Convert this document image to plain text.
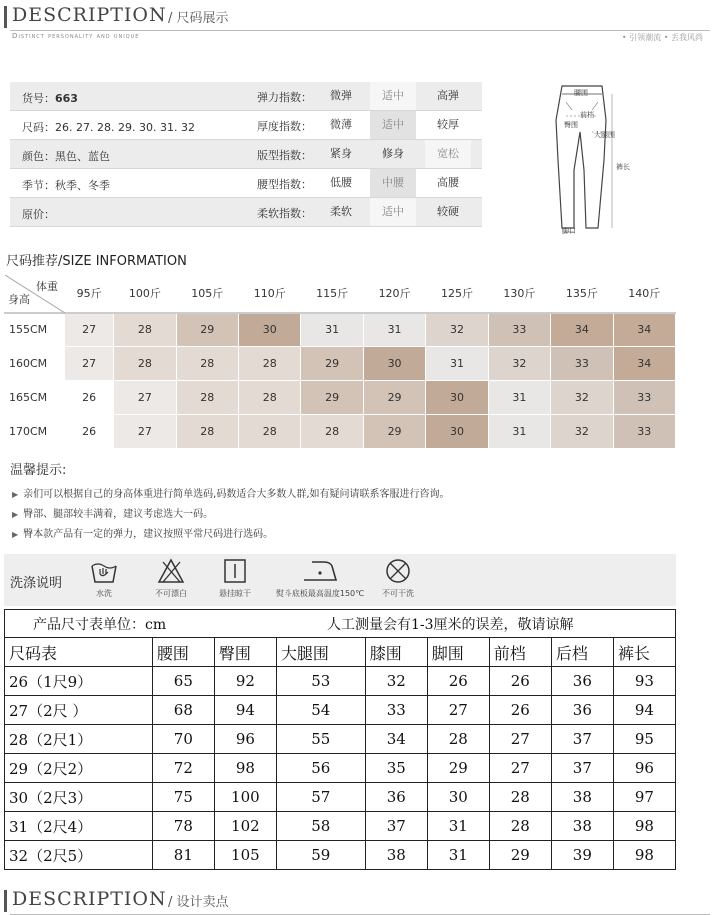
DESCRIPTION / 尺码展示
Distinct personality and unique	• 引领潮流 • 丢我风尚
货号：663	弹力指数：	微弹	适中	高弹
尺码：26. 27. 28. 29. 30. 31. 32	厚度指数：	微薄	适中	较厚
颜色：黑色、蓝色	版型指数：	紧身	修身	宽松
季节：秋季、冬季	腰型指数：	低腰	中腰	高腰
原价：	柔软指数：	柔软	适中	较硬
腰围
前档
臀围
大腿围
裤长
脚口
尺码推荐/SIZE INFORMATION
体重
身高	95斤	100斤	105斤	110斤	115斤	120斤	125斤	130斤	135斤	140斤
155CM	27	28	29	30	31	31	32	33	34	34
160CM	27	28	28	28	29	30	31	32	33	34
165CM	26	27	28	28	29	29	30	31	32	33
170CM	26	27	28	28	28	29	30	31	32	33
温馨提示:
▶ 亲们可以根据自己的身高体重进行简单选码,码数适合大多数人群,如有疑问请联系客服进行咨询。
▶ 臀部、腿部较丰满着，建议考虑选大一码。
▶ 臀本款产品有一定的弹力，建议按照平常尺码进行选码。
洗涤说明
水洗	不可漂白	悬挂晾干	熨斗底板最高温度150℃	不可干洗
产品尺寸表单位：cm 人工测量会有1-3厘米的误差，敬请谅解								

尺码表	腰围	臀围	大腿围	膝围	脚围	前档	后档	裤长
26（1尺9）	65	92	53	32	26	26	36	93
27（2尺 ）	68	94	54	33	27	26	36	94
28（2尺1）	70	96	55	34	28	27	37	95
29（2尺2）	72	98	56	35	29	27	37	96
30（2尺3）	75	100	57	36	30	28	38	97
31（2尺4）	78	102	58	37	31	28	38	98
32（2尺5）	81	105	59	38	31	29	39	98
DESCRIPTION / 设计卖点
